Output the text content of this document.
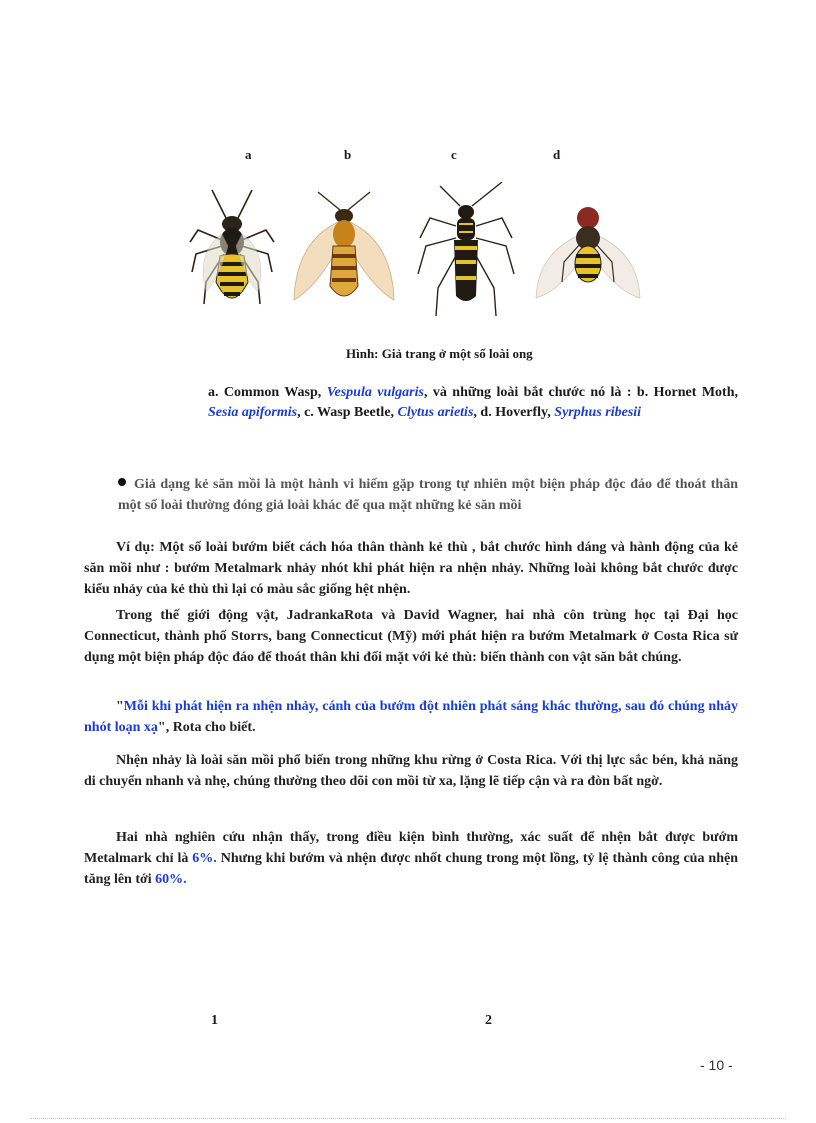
a	b	c	d
Hình: Giả trang ở một số loài ong
a. Common Wasp, Vespula vulgaris, và những loài bắt chước nó là : b. Hornet Moth, Sesia apiformis, c. Wasp Beetle, Clytus arietis, d. Hoverfly, Syrphus ribesii
Giả dạng kẻ săn mồi là một hành vi hiếm gặp trong tự nhiên một biện pháp độc đáo để thoát thân một số loài thường đóng giả loài khác để qua mặt những kẻ săn mồi

Ví dụ: Một số loài bướm biết cách hóa thân thành kẻ thù , bắt chước hình dáng và hành động của kẻ săn mồi như : bướm Metalmark nhảy nhót khi phát hiện ra nhện nhảy. Những loài không bắt chước được kiểu nhảy của kẻ thù thì lại có màu sắc giống hệt nhện.

Trong thế giới động vật, JadrankaRota và David Wagner, hai nhà côn trùng học tại Đại học Connecticut, thành phố Storrs, bang Connecticut (Mỹ) mới phát hiện ra bướm Metalmark ở Costa Rica sử dụng một biện pháp độc đáo để thoát thân khi đối mặt với kẻ thù: biến thành con vật săn bắt chúng.

"Mỗi khi phát hiện ra nhện nhảy, cánh của bướm đột nhiên phát sáng khác thường, sau đó chúng nhảy nhót loạn xạ", Rota cho biết.

Nhện nhảy là loài săn mồi phổ biến trong những khu rừng ở Costa Rica. Với thị lực sắc bén, khả năng di chuyển nhanh và nhẹ, chúng thường theo dõi con mồi từ xa, lặng lẽ tiếp cận và ra đòn bất ngờ.

Hai nhà nghiên cứu nhận thấy, trong điều kiện bình thường, xác suất để nhện bắt được bướm Metalmark chỉ là 6%. Nhưng khi bướm và nhện được nhốt chung trong một lồng, tỷ lệ thành công của nhện tăng lên tới 60%.

1	2
- 10 -
